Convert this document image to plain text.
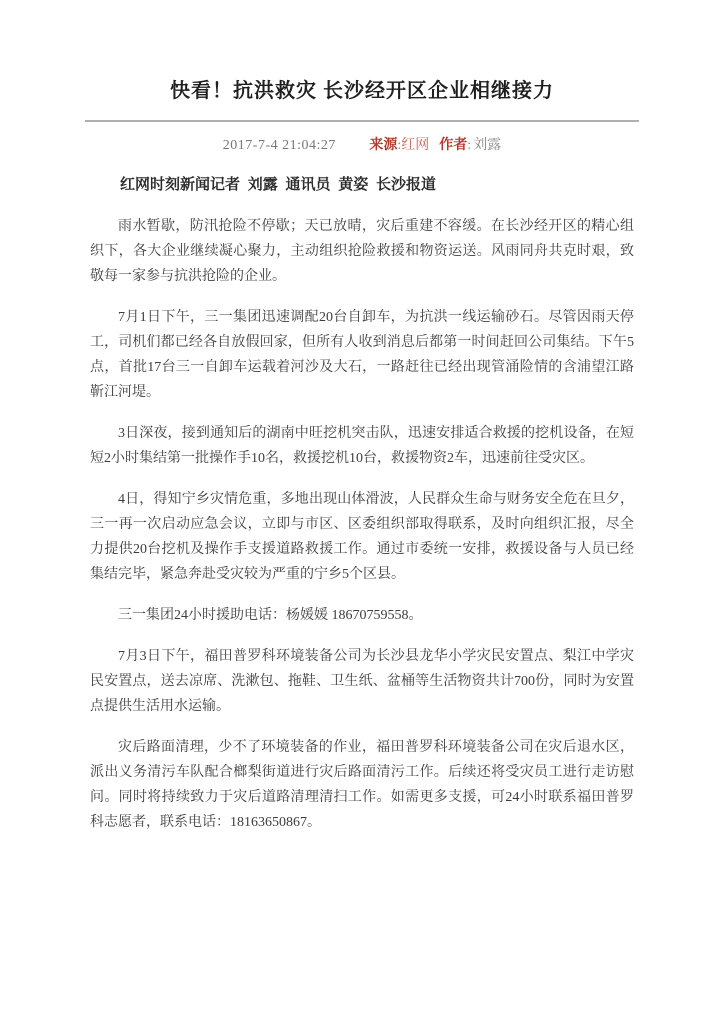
快看！抗洪救灾 长沙经开区企业相继接力
2017-7-4 21:04:27 来源:红网 作者: 刘露

红网时刻新闻记者 刘露 通讯员 黄姿 长沙报道

雨水暂歇，防汛抢险不停歇；天已放晴，灾后重建不容缓。在长沙经开区的精心组织下，各大企业继续凝心聚力，主动组织抢险救援和物资运送。风雨同舟共克时艰，致敬每一家参与抗洪抢险的企业。

7月1日下午，三一集团迅速调配20台自卸车，为抗洪一线运输砂石。尽管因雨天停工，司机们都已经各自放假回家，但所有人收到消息后都第一时间赶回公司集结。下午5点，首批17台三一自卸车运载着河沙及大石，一路赶往已经出现管涌险情的含浦望江路靳江河堤。

3日深夜，接到通知后的湖南中旺挖机突击队，迅速安排适合救援的挖机设备，在短短2小时集结第一批操作手10名，救援挖机10台，救援物资2车，迅速前往受灾区。

4日，得知宁乡灾情危重，多地出现山体滑波，人民群众生命与财务安全危在旦夕，三一再一次启动应急会议，立即与市区、区委组织部取得联系，及时向组织汇报，尽全力提供20台挖机及操作手支援道路救援工作。通过市委统一安排，救援设备与人员已经集结完毕，紧急奔赴受灾较为严重的宁乡5个区县。

三一集团24小时援助电话：杨媛媛 18670759558。

7月3日下午，福田普罗科环境装备公司为长沙县龙华小学灾民安置点、梨江中学灾民安置点，送去凉席、洗漱包、拖鞋、卫生纸、盆桶等生活物资共计700份，同时为安置点提供生活用水运输。

灾后路面清理，少不了环境装备的作业，福田普罗科环境装备公司在灾后退水区，派出义务清污车队配合榔梨街道进行灾后路面清污工作。后续还将受灾员工进行走访慰问。同时将持续致力于灾后道路清理清扫工作。如需更多支援，可24小时联系福田普罗科志愿者，联系电话：18163650867。
